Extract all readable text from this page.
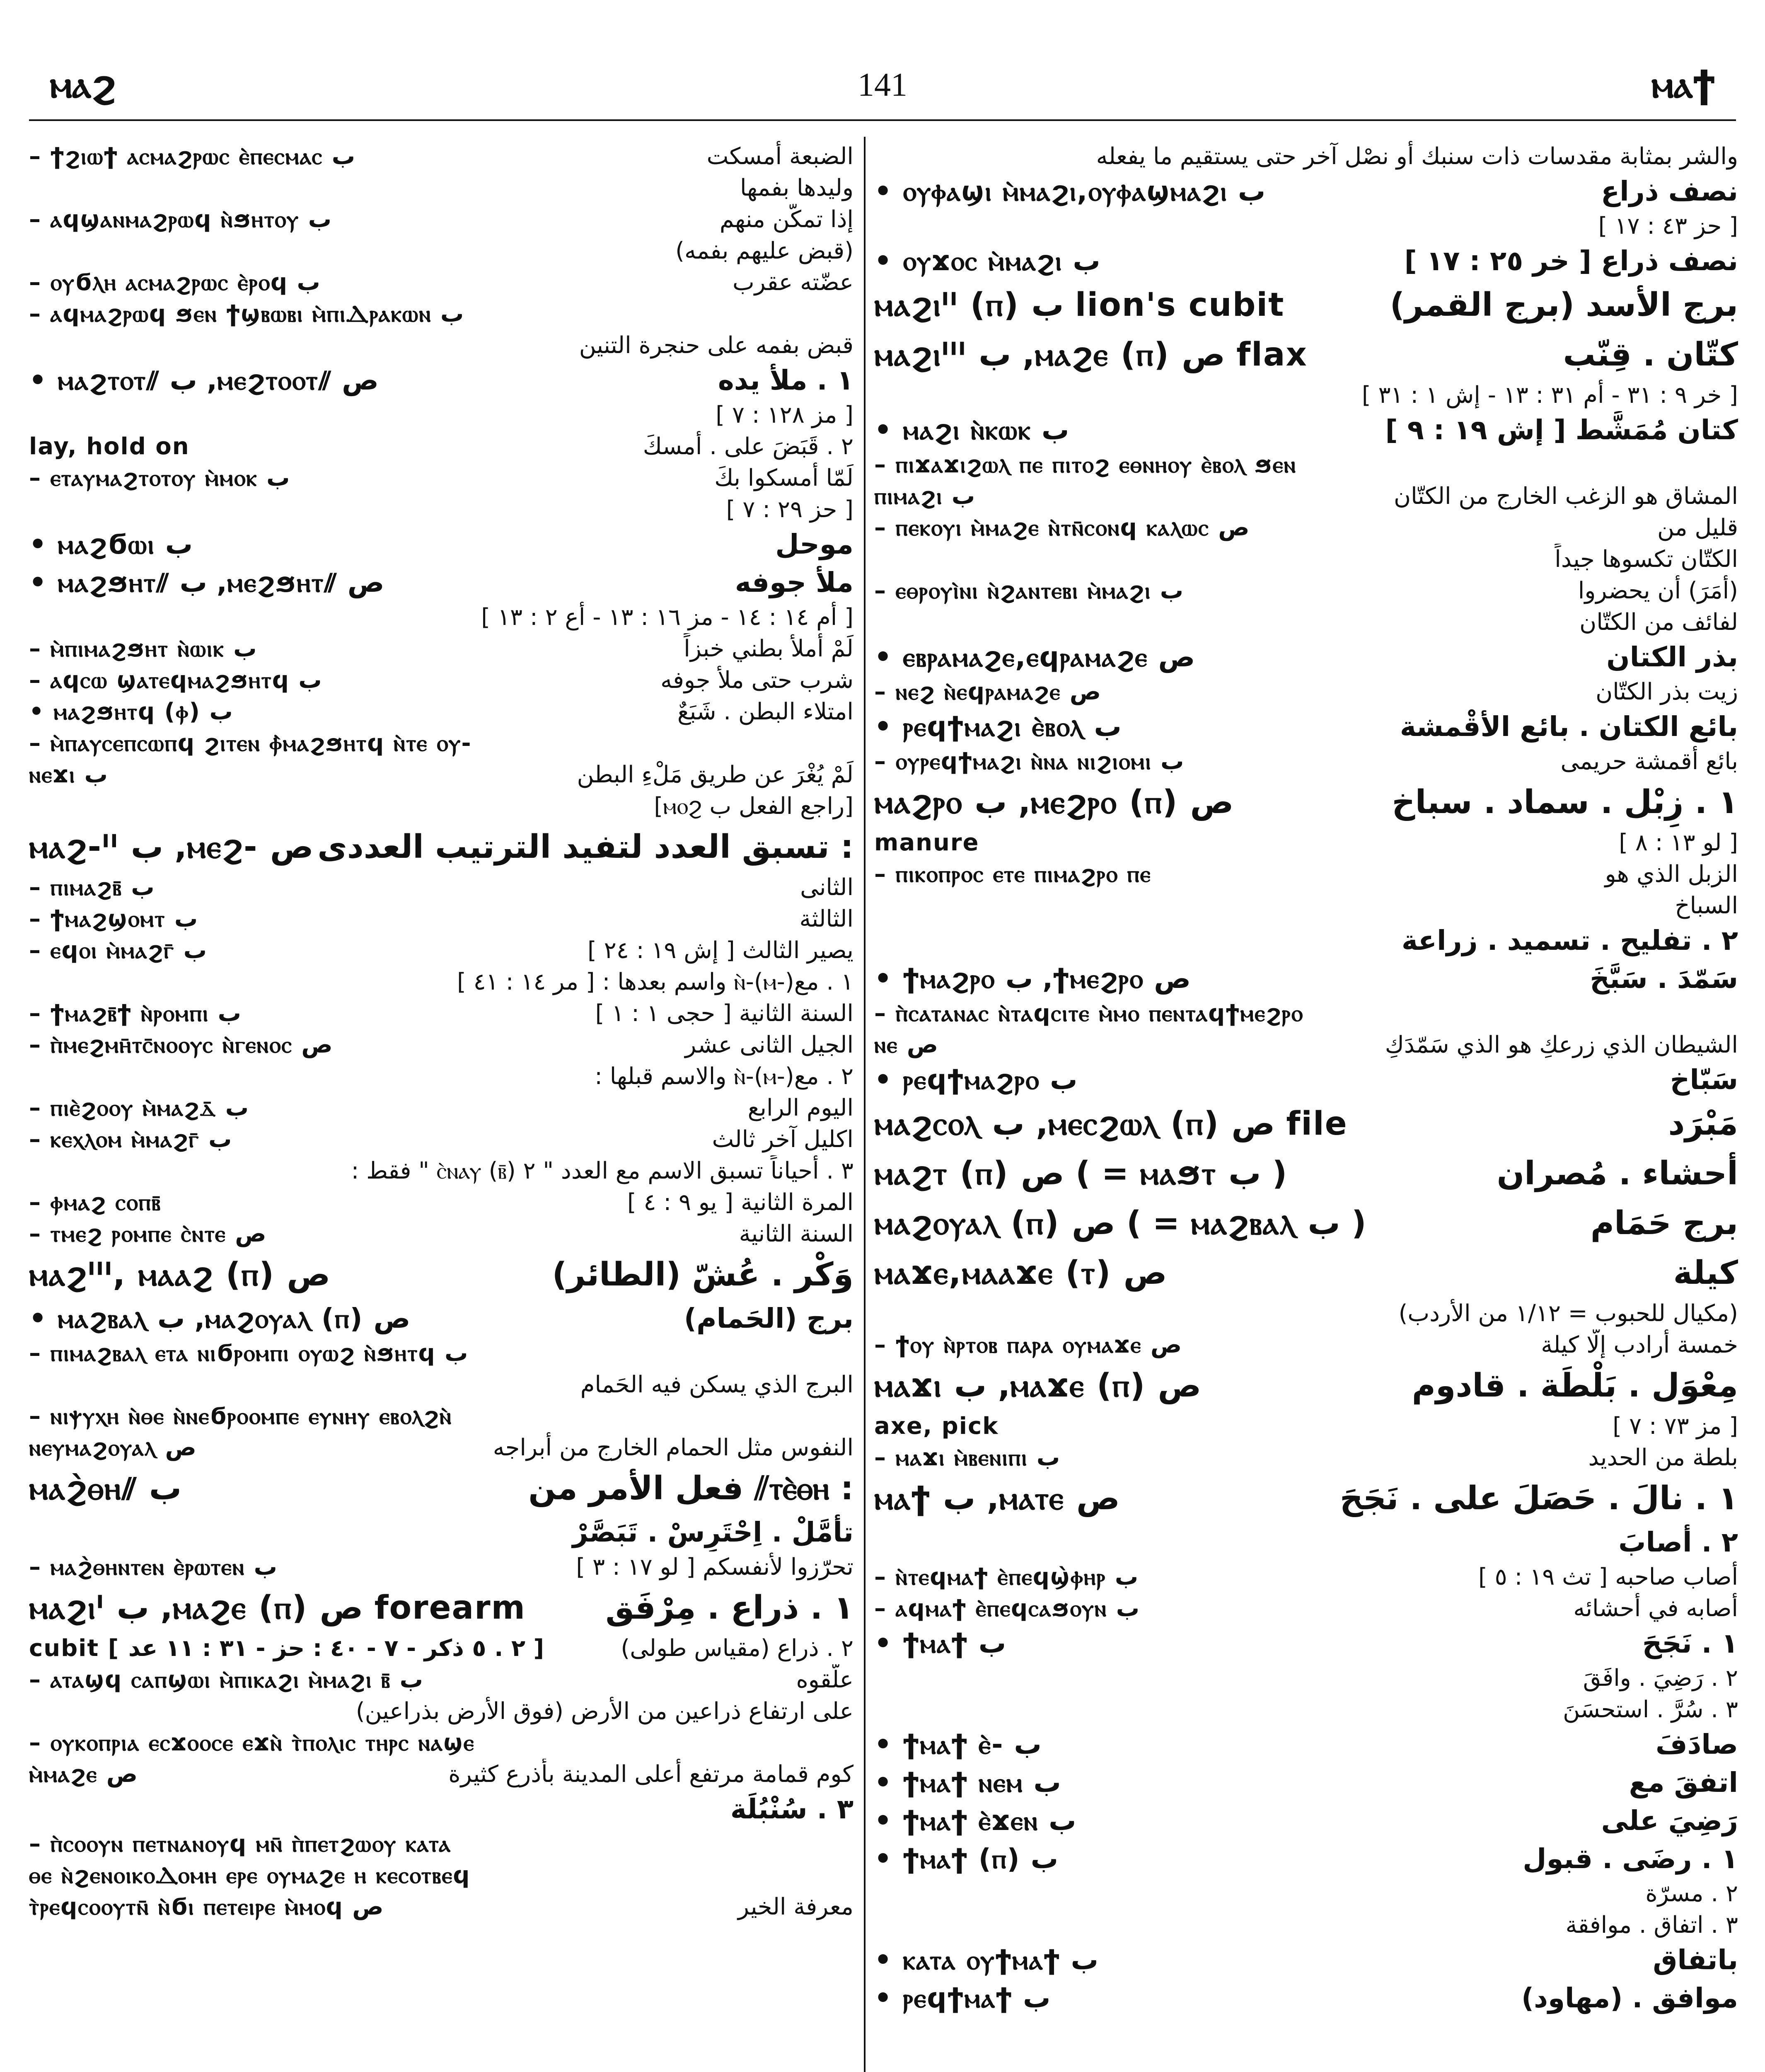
ⲙⲁϩ	141	ⲙⲁϯ
– ϯϩⲓⲱϯ ⲁⲥⲙⲁϩⲣⲱⲥ ⲉ̀ⲡⲉⲥⲙⲁⲥ ب	الضبعة أمسكت
وليدها بفمها
– ⲁϥϣⲁⲛⲙⲁϩⲣⲱϥ ⲛ̀ϧⲏⲧⲟⲩ ب	إذا تمكّن منهم
(قبض عليهم بفمه)
– ⲟⲩϭⲗⲏ ⲁⲥⲙⲁϩⲣⲱⲥ ⲉ̀ⲣⲟϥ ب	عضّته عقرب
– ⲁϥⲙⲁϩⲣⲱϥ ϧⲉⲛ ϯϣⲃⲱⲃⲓ ⲙ̀ⲡⲓⲆⲣⲁⲕⲱⲛ ب
قبض بفمه على حنجرة التنين
• ⲙⲁϩⲧⲟⲧ⫽ ب ,ⲙⲉϩⲧⲟⲟⲧ⫽ ص	١ . ملأ يده
[ مز ١٢٨ : ٧ ]
lay, hold on	٢ . قَبَضَ على . أمسكَ
– ⲉⲧⲁⲩⲙⲁϩⲧⲟⲧⲟⲩ ⲙ̀ⲙⲟⲕ ب	لَمّا أمسكوا بكَ
[ حز ٢٩ : ٧ ]
• ⲙⲁϩϭⲱⲓ ب	موحل
• ⲙⲁϩϧⲏⲧ⫽ ب ,ⲙⲉϩϧⲏⲧ⫽ ص	ملأ جوفه
[ أم ١٤ : ١٤ - مز ١٦ : ١٣ - أع ٢ : ١٣ ]
– ⲙ̀ⲡⲓⲙⲁϩϧⲏⲧ ⲛ̀ⲱⲓⲕ ب	لَمْ أملأ بطني خبزاً
– ⲁϥⲥⲱ ϣⲁⲧⲉϥⲙⲁϩϧⲏⲧϥ ب	شرب حتى ملأ جوفه
• ⲙⲁϩϧⲏⲧϥ (ⲫ) ب	امتلاء البطن . شَبَعٌ
– ⲙ̀ⲡⲁⲩⲥⲉⲡⲥⲱⲡϥ ϩⲓⲧⲉⲛ ⲫ̀ⲙⲁϩϧⲏⲧϥ ⲛ̀ⲧⲉ ⲟⲩ-
ⲛⲉϫⲓ ب	لَمْ يُغْرَ عن طريق مَلْءِ البطن
[راجع الفعل ب ⲙⲟϩ]
ⲙⲁϩ-ᴵᴵ ب ,ⲙⲉϩ- ص : تسبق العدد لتفيد الترتيب العددى
– ⲡⲓⲙⲁϩⲃ̄ ب	الثانى
– ϯⲙⲁϩϣⲟⲙⲧ ب	الثالثة
– ⲉϥⲟⲓ ⲙ̀ⲙⲁϩⲅ̄ ب	يصير الثالث [ إش ١٩ : ٢٤ ]
١ . مع(-ⲙ)-ⲛ̀ واسم بعدها : [ مر ١٤ : ٤١ ]
– ϯⲙⲁϩⲃ̄ϯ ⲛ̀ⲣⲟⲙⲡⲓ ب	السنة الثانية [ حجى ١ : ١ ]
– ⲡ̀ⲙⲉϩⲙⲏ̄ⲧⲥ̄ⲛⲟⲟⲩⲥ ⲛ̀ⲅⲉⲛⲟⲥ ص	الجيل الثانى عشر
٢ . مع(-ⲙ)-ⲛ̀ والاسم قبلها :
– ⲡⲓⲉ̀ϩⲟⲟⲩ ⲙ̀ⲙⲁϩⲇ̄ ب	اليوم الرابع
– ⲕⲉⲭⲗⲟⲙ ⲙ̀ⲙⲁϩⲅ̄ ب	اكليل آخر ثالث
٣ . أحياناً تسبق الاسم مع العدد " ٢ (ⲃ̄) ⲥ̀ⲛⲁⲩ " فقط :
– ⲫⲙⲁϩ ⲥⲟⲡⲃ̄	المرة الثانية [ يو ٩ : ٤ ]
– ⲧⲙⲉϩ ⲣⲟⲙⲡⲉ ⲥ̀ⲛⲧⲉ ص	السنة الثانية
ⲙⲁϩᴵᴵᴵ, ⲙⲁⲁϩ (ⲡ) ص	وَكْر . عُشّ (الطائر)
• ⲙⲁϩⲃⲁⲗ ب ,ⲙⲁϩⲟⲩⲁⲗ (ⲡ) ص	برج (الحَمام)
– ⲡⲓⲙⲁϩⲃⲁⲗ ⲉⲧⲁ ⲛⲓϭⲣⲟⲙⲡⲓ ⲟⲩⲱϩ ⲛ̀ϧⲏⲧϥ ب
البرج الذي يسكن فيه الحَمام
– ⲛⲓⲯⲩⲭⲏ ⲛ̀ⲑⲉ ⲛ̀ⲛⲉϭⲣⲟⲟⲙⲡⲉ ⲉⲩⲛⲏⲩ ⲉⲃⲟⲗϩⲛ̀
ⲛⲉⲩⲙⲁϩⲟⲩⲁⲗ ص	النفوس مثل الحمام الخارج من أبراجه
ⲙⲁϩ̀ⲑⲏ⫽ ب	: ⲧⲉ̀ⲑⲏ⫽ فعل الأمر من
تأمَّلْ . اِحْتَرِسْ . تَبَصَّرْ
– ⲙⲁϩ̀ⲑⲏⲛⲧⲉⲛ ⲉ̀ⲣⲱⲧⲉⲛ ب	تحرّزوا لأنفسكم [ لو ١٧ : ٣ ]
ⲙⲁϩⲓᴵ ب ,ⲙⲁϩⲉ (ⲡ) ص forearm ١ . ذراع . مِرْفَق
cubit [ ٢ . ٥ ذكر - ٧ - ٤٠ : حز - ٣١ : ١١ عد ]	٢ . ذراع (مقياس طولى)
– ⲁⲧⲁϣϥ ⲥⲁⲡϣⲱⲓ ⲙ̀ⲡⲓⲕⲁϩⲓ ⲙ̀ⲙⲁϩⲓ ⲃ̄ ب	علّقوه
على ارتفاع ذراعين من الأرض (فوق الأرض بذراعين)
– ⲟⲩⲕⲟⲡⲣⲓⲁ ⲉⲥϫⲟⲟⲥⲉ ⲉϫⲛ̀ ⲧ̀ⲡⲟⲗⲓⲥ ⲧⲏⲣⲥ ⲛⲁϣⲉ
ⲙ̀ⲙⲁϩⲉ ص	كوم قمامة مرتفع أعلى المدينة بأذرع كثيرة
٣ . سُنْبُلَة
– ⲡ̀ⲥⲟⲟⲩⲛ ⲡⲉⲧⲛⲁⲛⲟⲩϥ ⲙⲛ̄ ⲡ̀ⲡⲉⲧϩⲱⲟⲩ ⲕⲁⲧⲁ
ⲑⲉ ⲛ̀ϩⲉⲛⲟⲓⲕⲟⲆⲟⲙⲏ ⲉⲣⲉ ⲟⲩⲙⲁϩⲉ ⲏ ⲕⲉⲥⲟⲧⲃⲉϥ
ⲧ̀ⲣⲉϥⲥⲟⲟⲩⲧⲛ̄ ⲛ̀ϭⲓ ⲡⲉⲧⲉⲓⲣⲉ ⲙ̀ⲙⲟϥ ص	معرفة الخير
والشر بمثابة مقدسات ذات سنبك أو نصْل آخر حتى يستقيم ما يفعله
• ⲟⲩⲫⲁϣⲓ ⲙ̀ⲙⲁϩⲓ,ⲟⲩⲫⲁϣⲙⲁϩⲓ ب	نصف ذراع
[ حز ٤٣ : ١٧ ]
• ⲟⲩϫⲟⲥ ⲙ̀ⲙⲁϩⲓ ب	نصف ذراع [ خر ٢٥ : ١٧ ]
ⲙⲁϩⲓᴵᴵ (ⲡ) ب lion's cubit	برج الأسد (برج القمر)
ⲙⲁϩⲓᴵᴵᴵ ب ,ⲙⲁϩⲉ (ⲡ) ص flax	كتّان . قِنّب
[ خر ٩ : ٣١ - أم ٣١ : ١٣ - إش ١ : ٣١ ]
• ⲙⲁϩⲓ ⲛ̀ⲕⲱⲕ ب	كتان مُمَشَّط [ إش ١٩ : ٩ ]
– ⲡⲓϫⲁϫⲓϩⲱⲗ ⲡⲉ ⲡⲓⲧⲟϩ ⲉⲑⲛⲏⲟⲩ ⲉ̀ⲃⲟⲗ ϧⲉⲛ
ⲡⲓⲙⲁϩⲓ ب	المشاق هو الزغب الخارج من الكتّان
– ⲡⲉⲕⲟⲩⲓ ⲙ̀ⲙⲁϩⲉ ⲛ̀ⲧⲛ̄ⲥⲟⲛϥ ⲕⲁⲗⲱⲥ ص	قليل من
الكتّان تكسوها جيداً
– ⲉⲑⲣⲟⲩⲓ̀ⲛⲓ ⲛ̀ϩⲁⲛⲧⲉⲃⲓ ⲙ̀ⲙⲁϩⲓ ب	(أمَرَ) أن يحضروا
لفائف من الكتّان
• ⲉⲃⲣⲁⲙⲁϩⲉ,ⲉϥⲣⲁⲙⲁϩⲉ ص	بذر الكتان
– ⲛⲉϩ ⲛ̀ⲉϥⲣⲁⲙⲁϩⲉ ص	زيت بذر الكتّان
• ⲣⲉϥϯⲙⲁϩⲓ ⲉ̀ⲃⲟⲗ ب	بائع الكتان . بائع الأقْمشة
– ⲟⲩⲣⲉϥϯⲙⲁϩⲓ ⲛ̀ⲛⲁ ⲛⲓϩⲓⲟⲙⲓ ب	بائع أقمشة حريمى
ⲙⲁϩⲣⲟ ب ,ⲙⲉϩⲣⲟ (ⲡ) ص	١ . زِبْل . سماد . سباخ
manure	[ لو ١٣ : ٨ ]
– ⲡⲓⲕⲟⲡⲣⲟⲥ ⲉⲧⲉ ⲡⲓⲙⲁϩⲣⲟ ⲡⲉ	الزبل الذي هو
السباخ
٢ . تفليح . تسميد . زراعة
• ϯⲙⲁϩⲣⲟ ب ,ϯⲙⲉϩⲣⲟ ص	سَمّدَ . سَبَّخَ
– ⲡ̀ⲥⲁⲧⲁⲛⲁⲥ ⲛ̀ⲧⲁϥⲥⲓⲧⲉ ⲙ̀ⲙⲟ ⲡⲉⲛⲧⲁϥϯⲙⲉϩⲣⲟ
ⲛⲉ ص	الشيطان الذي زرعكِ هو الذي سَمّدَكِ
• ⲣⲉϥϯⲙⲁϩⲣⲟ ب	سَبّاخ
ⲙⲁϩⲥⲟⲗ ب ,ⲙⲉⲥϩⲱⲗ (ⲡ) ص file	مَبْرَد
ⲙⲁϩⲧ (ⲡ) ص ( = ⲙⲁϧⲧ ب )	أحشاء . مُصران
ⲙⲁϩⲟⲩⲁⲗ (ⲡ) ص ( = ⲙⲁϩⲃⲁⲗ ب )	برج حَمَام
ⲙⲁϫⲉ,ⲙⲁⲁϫⲉ (ⲧ) ص	كيلة
(مكيال للحبوب = ١/١٢ من الأردب)
– ϯⲟⲩ ⲛ̀ⲣⲧⲟⲃ ⲡⲁⲣⲁ ⲟⲩⲙⲁϫⲉ ص	خمسة أرادب إلّا كيلة
ⲙⲁϫⲓ ب ,ⲙⲁϫⲉ (ⲡ) ص	مِعْوَل . بَلْطَة . قادوم
axe, pick	[ مز ٧٣ : ٧ ]
– ⲙⲁϫⲓ ⲙ̀ⲃⲉⲛⲓⲡⲓ ب	بلطة من الحديد
ⲙⲁϯ ب ,ⲙⲁⲧⲉ ص	١ . نالَ . حَصَلَ على . نَجَحَ
٢ . أصابَ
– ⲛ̀ⲧⲉϥⲙⲁϯ ⲉ̀ⲡⲉϥϣ̀ⲫⲏⲣ ب	أصاب صاحبه [ تث ١٩ : ٥ ]
– ⲁϥⲙⲁϯ ⲉ̀ⲡⲉϥⲥⲁϧⲟⲩⲛ ب	أصابه في أحشائه
• ϯⲙⲁϯ ب	١ . نَجَحَ
٢ . رَضِيَ . وافَقَ
٣ . سُرَّ . استحسَنَ
• ϯⲙⲁϯ ⲉ̀- ب	صادَفَ
• ϯⲙⲁϯ ⲛⲉⲙ ب	اتفقَ مع
• ϯⲙⲁϯ ⲉ̀ϫⲉⲛ ب	رَضِيَ على
• ϯⲙⲁϯ (ⲡ) ب	١ . رضَى . قبول
٢ . مسرّة
٣ . اتفاق . موافقة
• ⲕⲁⲧⲁ ⲟⲩϯⲙⲁϯ ب	باتفاق
• ⲣⲉϥϯⲙⲁϯ ب	موافق . (مهاود)
